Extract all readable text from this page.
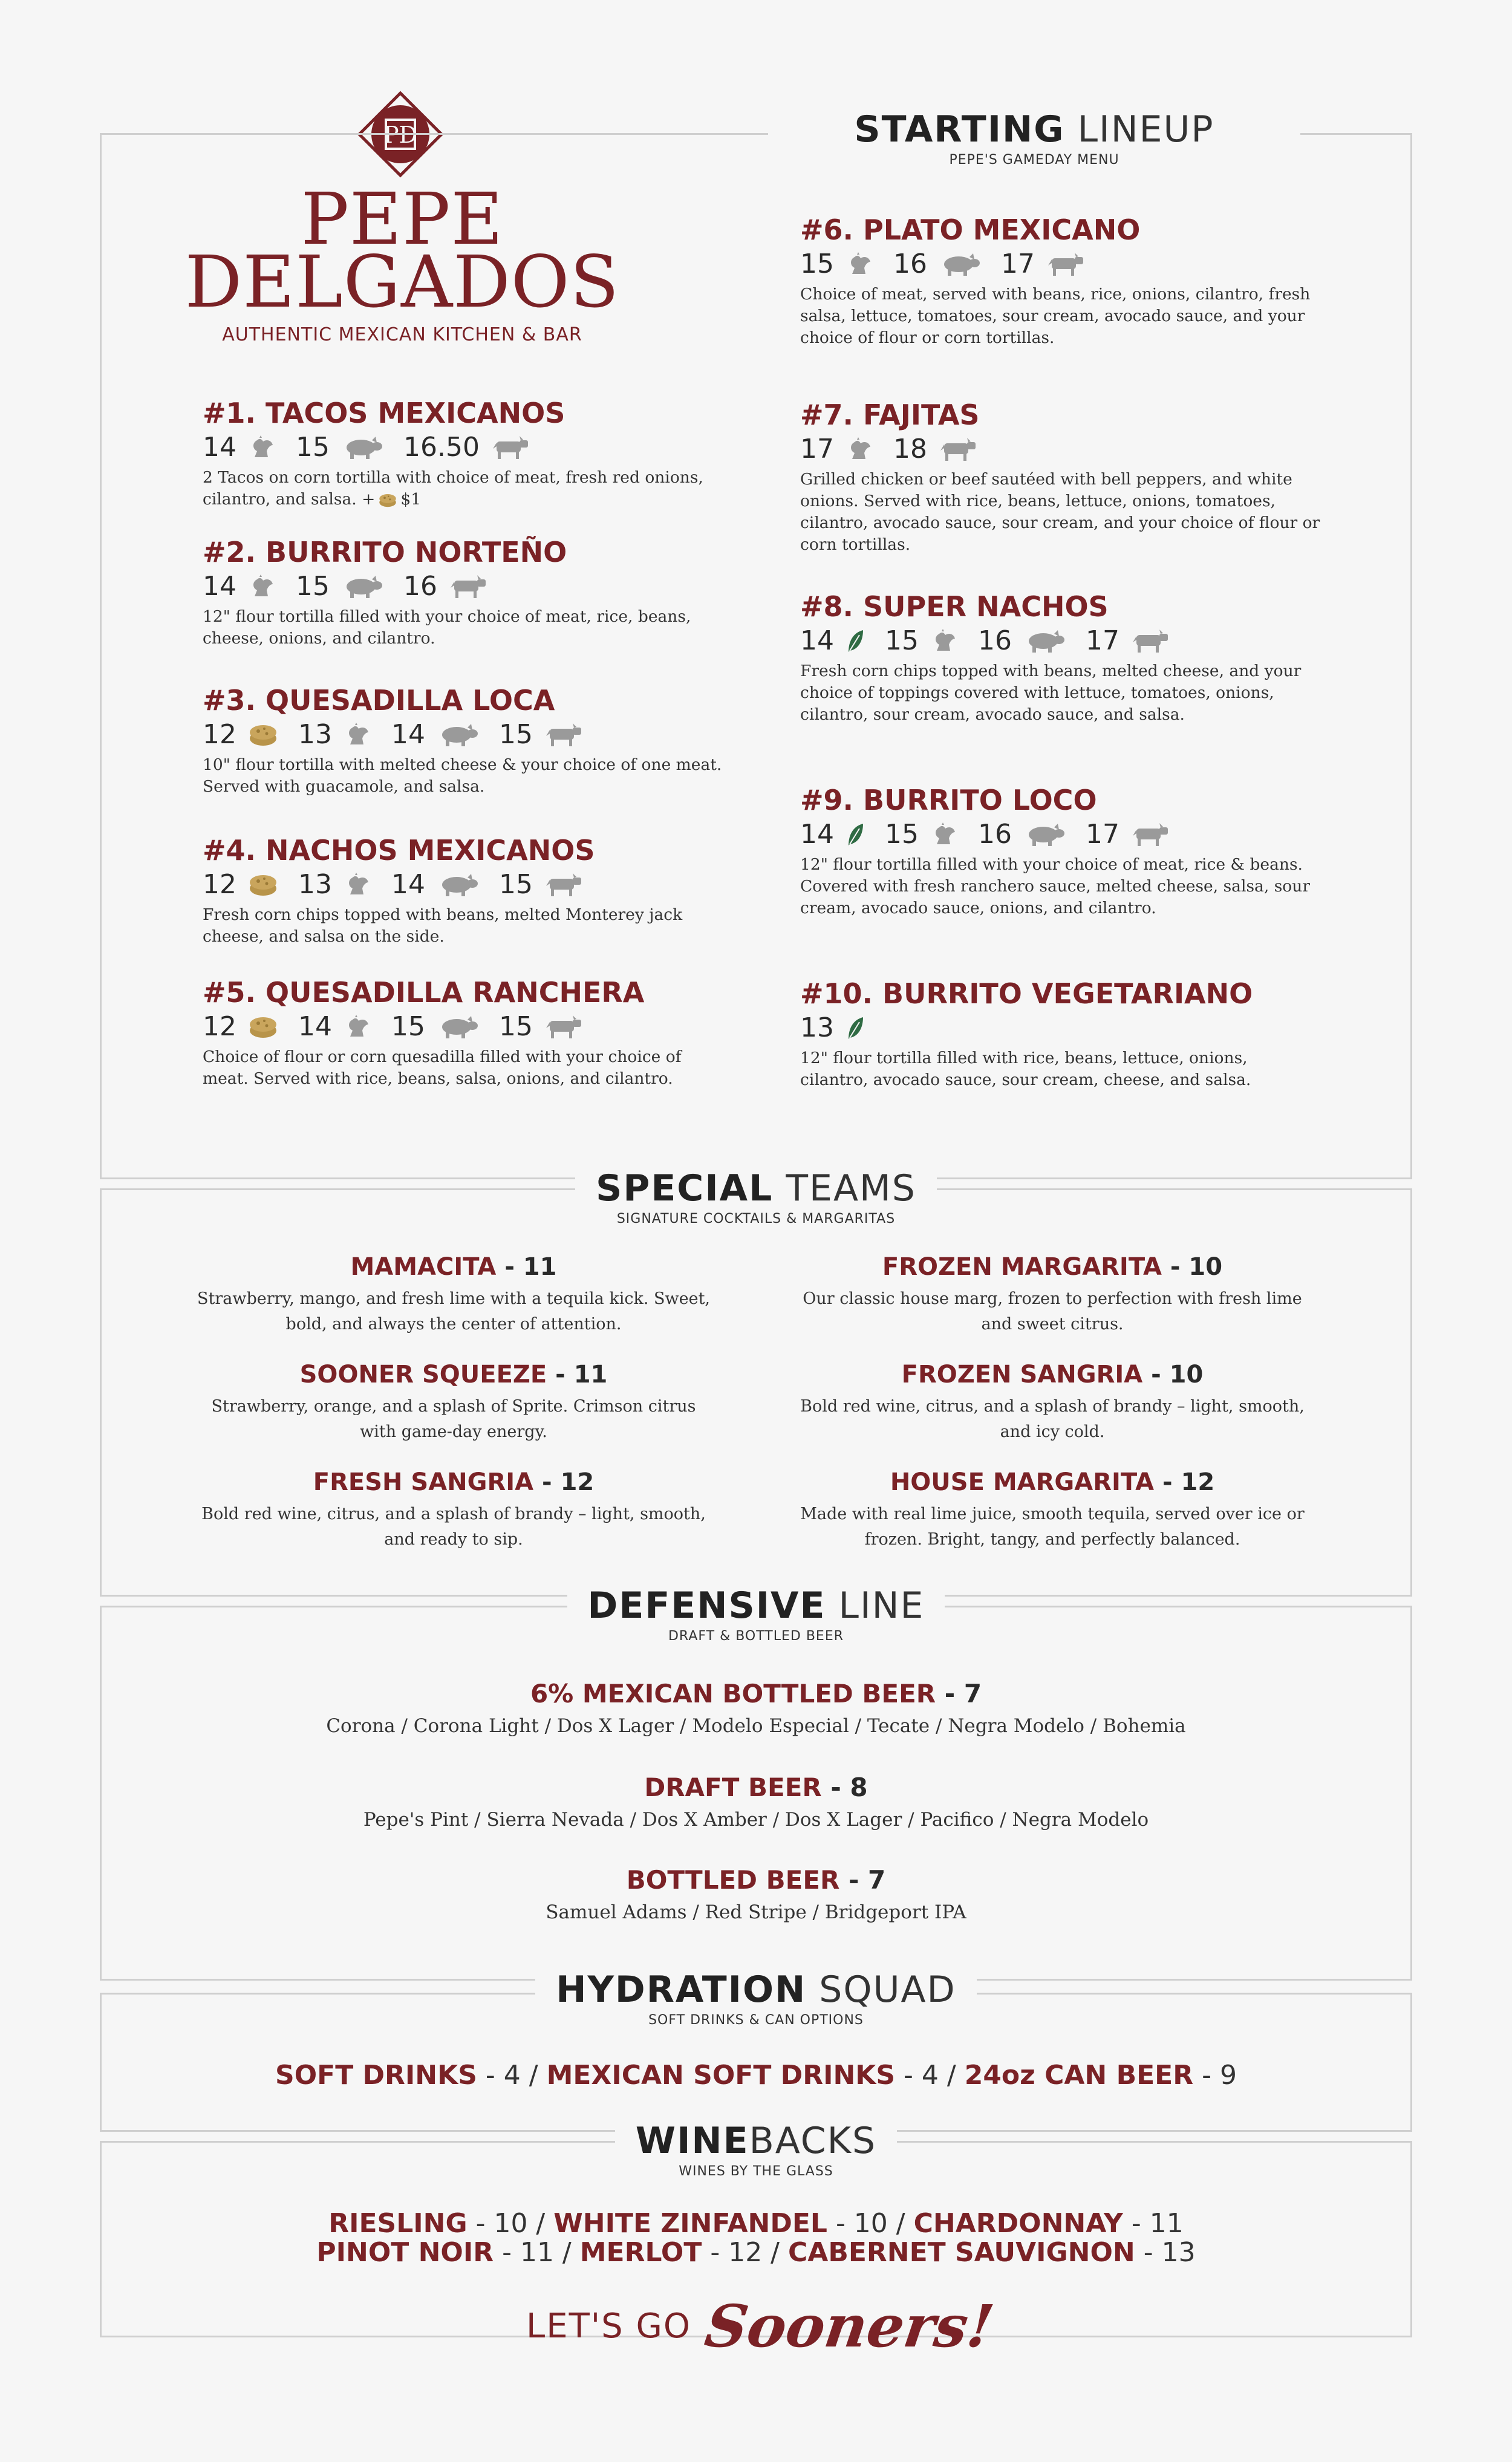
PD
PEPE
DELGADOS
AUTHENTIC MEXICAN KITCHEN & BAR
STARTING LINEUP
PEPE'S GAMEDAY MENU
#1. TACOS MEXICANOS
14 15	16.50
2 Tacos on corn tortilla with choice of meat, fresh red onions, cilantro, and salsa. + $1
#2. BURRITO NORTEÑO
14 15	16
12" flour tortilla filled with your choice of meat, rice, beans, cheese, onions, and cilantro.
#3. QUESADILLA LOCA
12 13 14	15
10" flour tortilla with melted cheese & your choice of one meat. Served with guacamole, and salsa.
#4. NACHOS MEXICANOS
12 13 14	15
Fresh corn chips topped with beans, melted Monterey jack cheese, and salsa on the side.
#5. QUESADILLA RANCHERA
12 14 15	15
Choice of flour or corn quesadilla filled with your choice of meat. Served with rice, beans, salsa, onions, and cilantro.
#6. PLATO MEXICANO
15 16	17
Choice of meat, served with beans, rice, onions, cilantro, fresh salsa, lettuce, tomatoes, sour cream, avocado sauce, and your choice of flour or corn tortillas.
#7. FAJITAS
17 18
Grilled chicken or beef sautéed with bell peppers, and white onions. Served with rice, beans, lettuce, onions, tomatoes, cilantro, avocado sauce, sour cream, and your choice of flour or corn tortillas.
#8. SUPER NACHOS
14 15 16	17
Fresh corn chips topped with beans, melted cheese, and your choice of toppings covered with lettuce, tomatoes, onions, cilantro, sour cream, avocado sauce, and salsa.
#9. BURRITO LOCO
14 15 16	17
12" flour tortilla filled with your choice of meat, rice & beans. Covered with fresh ranchero sauce, melted cheese, salsa, sour cream, avocado sauce, onions, and cilantro.
#10. BURRITO VEGETARIANO
13
12" flour tortilla filled with rice, beans, lettuce, onions, cilantro, avocado sauce, sour cream, cheese, and salsa.
SPECIAL TEAMS
SIGNATURE COCKTAILS & MARGARITAS
MAMACITA - 11
Strawberry, mango, and fresh lime with a tequila kick. Sweet, bold, and always the center of attention.
FROZEN MARGARITA - 10
Our classic house marg, frozen to perfection with fresh lime and sweet citrus.
SOONER SQUEEZE - 11
Strawberry, orange, and a splash of Sprite. Crimson citrus with game-day energy.
FROZEN SANGRIA - 10
Bold red wine, citrus, and a splash of brandy – light, smooth, and icy cold.
FRESH SANGRIA - 12
Bold red wine, citrus, and a splash of brandy – light, smooth, and ready to sip.
HOUSE MARGARITA - 12
Made with real lime juice, smooth tequila, served over ice or frozen. Bright, tangy, and perfectly balanced.
DEFENSIVE LINE
DRAFT & BOTTLED BEER
6% MEXICAN BOTTLED BEER - 7
Corona / Corona Light / Dos X Lager / Modelo Especial / Tecate / Negra Modelo / Bohemia
DRAFT BEER - 8
Pepe's Pint / Sierra Nevada / Dos X Amber / Dos X Lager / Pacifico / Negra Modelo
BOTTLED BEER - 7
Samuel Adams / Red Stripe / Bridgeport IPA
HYDRATION SQUAD
SOFT DRINKS & CAN OPTIONS
SOFT DRINKS - 4 / MEXICAN SOFT DRINKS - 4 / 24oz CAN BEER - 9
WINEBACKS
WINES BY THE GLASS
RIESLING - 10 / WHITE ZINFANDEL - 10 / CHARDONNAY - 11
PINOT NOIR - 11 / MERLOT - 12 / CABERNET SAUVIGNON - 13
LET'S GO Sooners!
